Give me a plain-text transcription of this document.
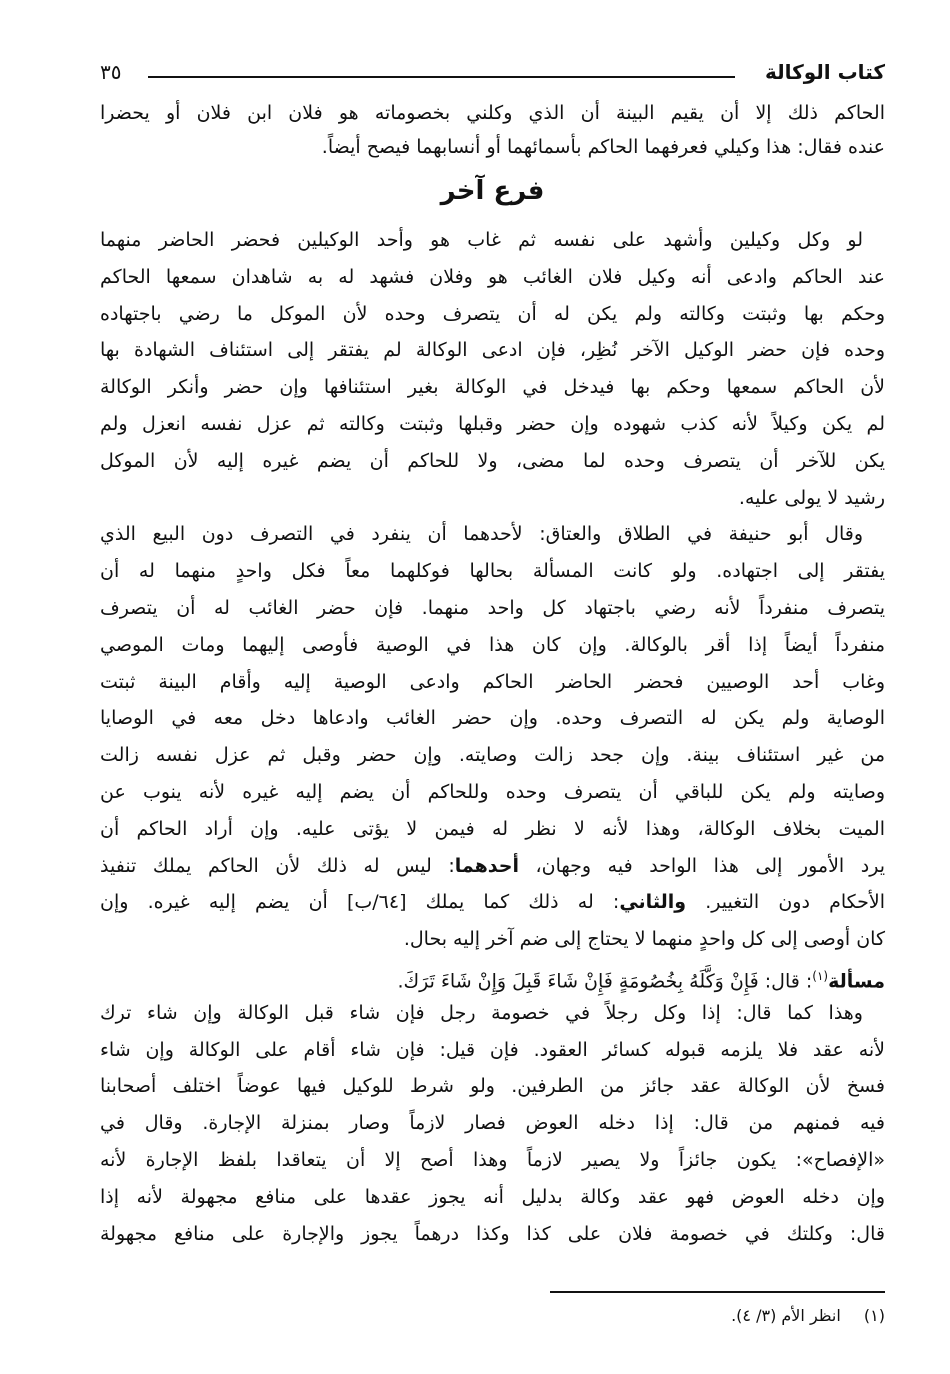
كتاب الوكالة
٣٥
الحاكم ذلك إلا أن يقيم البينة أن الذي وكلني بخصوماته هو فلان ابن فلان أو يحضرا
عنده فقال: هذا وكيلي فعرفهما الحاكم بأسمائهما أو أنسابهما فيصح أيضاً.
فرع آخر
لو وكل وكيلين وأشهد على نفسه ثم غاب هو وأحد الوكيلين فحضر الحاضر منهما
عند الحاكم وادعى أنه وكيل فلان الغائب هو وفلان فشهد له به شاهدان سمعها الحاكم
وحكم بها وثبتت وكالته ولم يكن له أن يتصرف وحده لأن الموكل ما رضي باجتهاده
وحده فإن حضر الوكيل الآخر نُظِر، فإن ادعى الوكالة لم يفتقر إلى استئناف الشهادة بها
لأن الحاكم سمعها وحكم بها فيدخل في الوكالة بغير استئنافها وإن حضر وأنكر الوكالة
لم يكن وكيلاً لأنه كذب شهوده وإن حضر وقبلها وثبتت وكالته ثم عزل نفسه انعزل ولم
يكن للآخر أن يتصرف وحده لما مضى، ولا للحاكم أن يضم غيره إليه لأن الموكل
رشيد لا يولى عليه.
وقال أبو حنيفة في الطلاق والعتاق: لأحدهما أن ينفرد في التصرف دون البيع الذي
يفتقر إلى اجتهاده. ولو كانت المسألة بحالها فوكلهما معاً فكل واحدٍ منهما له أن
يتصرف منفرداً لأنه رضي باجتهاد كل واحد منهما. فإن حضر الغائب له أن يتصرف
منفرداً أيضاً إذا أقر بالوكالة. وإن كان هذا في الوصية فأوصى إليهما ومات الموصي
وغاب أحد الوصيين فحضر الحاضر الحاكم وادعى الوصية إليه وأقام البينة ثبتت
الوصاية ولم يكن له التصرف وحده. وإن حضر الغائب وادعاها دخل معه في الوصايا
من غير استئناف بينة. وإن جحد زالت وصايته. وإن حضر وقبل ثم عزل نفسه زالت
وصايته ولم يكن للباقي أن يتصرف وحده وللحاكم أن يضم إليه غيره لأنه ينوب عن
الميت بخلاف الوكالة، وهذا لأنه لا نظر له فيمن لا يؤتى عليه. وإن أراد الحاكم أن
يرد الأمور إلى هذا الواحد فيه وجهان، أحدهما: ليس له ذلك لأن الحاكم يملك تنفيذ
الأحكام دون التغيير. والثاني: له ذلك كما يملك [٦٤/ب] أن يضم إليه غيره. وإن
كان أوصى إلى كل واحدٍ منهما لا يحتاج إلى ضم آخر إليه بحال.
مسألة$^{(١)}$: قال: فَإِنْ وَكَّلَهُ بِخُصُومَةٍ فَإِنْ شَاءَ قَبِلَ وَإِنْ شَاءَ تَرَكَ.
وهذا كما قال: إذا وكل رجلاً في خصومة رجل فإن شاء قبل الوكالة وإن شاء ترك
لأنه عقد فلا يلزمه قبوله كسائر العقود. فإن قيل: فإن شاء أقام على الوكالة وإن شاء
فسخ لأن الوكالة عقد جائز من الطرفين. ولو شرط للوكيل فيها عوضاً اختلف أصحابنا
فيه فمنهم من قال: إذا دخله العوض فصار لازماً وصار بمنزلة الإجارة. وقال في
«الإفصاح»: يكون جائزاً ولا يصير لازماً وهذا أصح إلا أن يتعاقدا بلفظ الإجارة لأنه
وإن دخله العوض فهو عقد وكالة بدليل أنه يجوز عقدها على منافع مجهولة لأنه إذا
قال: وكلتك في خصومة فلان على كذا وكذا درهماً يجوز والإجارة على منافع مجهولة
(١) انظر الأم (٣/ ٤).
